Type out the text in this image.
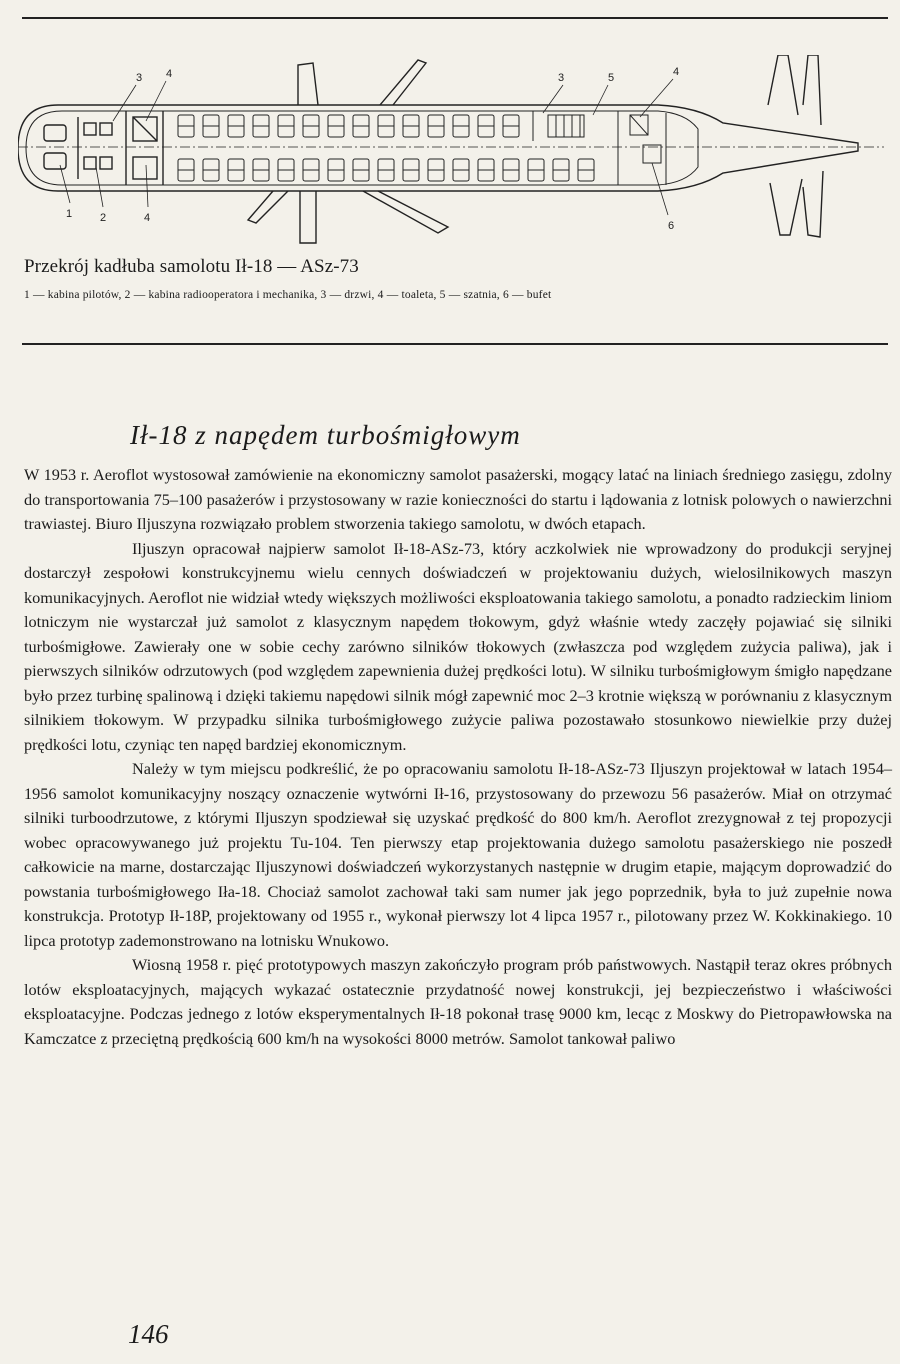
3 4	3	5	4
1	2	4
6
Przekrój kadłuba samolotu Ił-18 — ASz-73
1 — kabina pilotów, 2 — kabina radiooperatora i mechanika, 3 — drzwi, 4 — toaleta, 5 — szatnia, 6 — bufet
Ił-18 z napędem turbośmigłowym

W 1953 r. Aeroflot wystosował zamówienie na ekonomiczny samolot pasażerski, mogący latać na liniach średniego zasięgu, zdolny do transportowania 75–100 pasażerów i przystosowany w razie konieczności do startu i lądowania z lotnisk polowych o nawierzchni trawiastej. Biuro Iljuszyna rozwiązało problem stworzenia takiego samolotu, w dwóch etapach.

Iljuszyn opracował najpierw samolot Ił-18-ASz-73, który aczkolwiek nie wprowadzony do produkcji seryjnej dostarczył zespołowi konstrukcyjnemu wielu cennych doświadczeń w projektowaniu dużych, wielosilnikowych maszyn komunikacyjnych. Aeroflot nie widział wtedy większych możliwości eksploatowania takiego samolotu, a ponadto radzieckim liniom lotniczym nie wystarczał już samolot z klasycznym napędem tłokowym, gdyż właśnie wtedy zaczęły pojawiać się silniki turbośmigłowe. Zawierały one w sobie cechy zarówno silników tłokowych (zwłaszcza pod względem zużycia paliwa), jak i pierwszych silników odrzutowych (pod względem zapewnienia dużej prędkości lotu). W silniku turbośmigłowym śmigło napędzane było przez turbinę spalinową i dzięki takiemu napędowi silnik mógł zapewnić moc 2–3 krotnie większą w porównaniu z klasycznym silnikiem tłokowym. W przypadku silnika turbośmigłowego zużycie paliwa pozostawało stosunkowo niewielkie przy dużej prędkości lotu, czyniąc ten napęd bardziej ekonomicznym.

Należy w tym miejscu podkreślić, że po opracowaniu samolotu Ił-18-ASz-73 Iljuszyn projektował w latach 1954–1956 samolot komunikacyjny noszący oznaczenie wytwórni Ił-16, przystosowany do przewozu 56 pasażerów. Miał on otrzymać silniki turboodrzutowe, z którymi Iljuszyn spodziewał się uzyskać prędkość do 800 km/h. Aeroflot zrezygnował z tej propozycji wobec opracowywanego już projektu Tu-104. Ten pierwszy etap projektowania dużego samolotu pasażerskiego nie poszedł całkowicie na marne, dostarczając Iljuszynowi doświadczeń wykorzystanych następnie w drugim etapie, mającym doprowadzić do powstania turbośmigłowego Iła-18. Chociaż samolot zachował taki sam numer jak jego poprzednik, była to już zupełnie nowa konstrukcja. Prototyp Ił-18P, projektowany od 1955 r., wykonał pierwszy lot 4 lipca 1957 r., pilotowany przez W. Kokkinakiego. 10 lipca prototyp zademonstrowano na lotnisku Wnukowo.

Wiosną 1958 r. pięć prototypowych maszyn zakończyło program prób państwowych. Nastąpił teraz okres próbnych lotów eksploatacyjnych, mających wykazać ostatecznie przydatność nowej konstrukcji, jej bezpieczeństwo i właściwości eksploatacyjne. Podczas jednego z lotów eksperymentalnych Ił-18 pokonał trasę 9000 km, lecąc z Moskwy do Pietropawłowska na Kamczatce z przeciętną prędkością 600 km/h na wysokości 8000 metrów. Samolot tankował paliwo

146
